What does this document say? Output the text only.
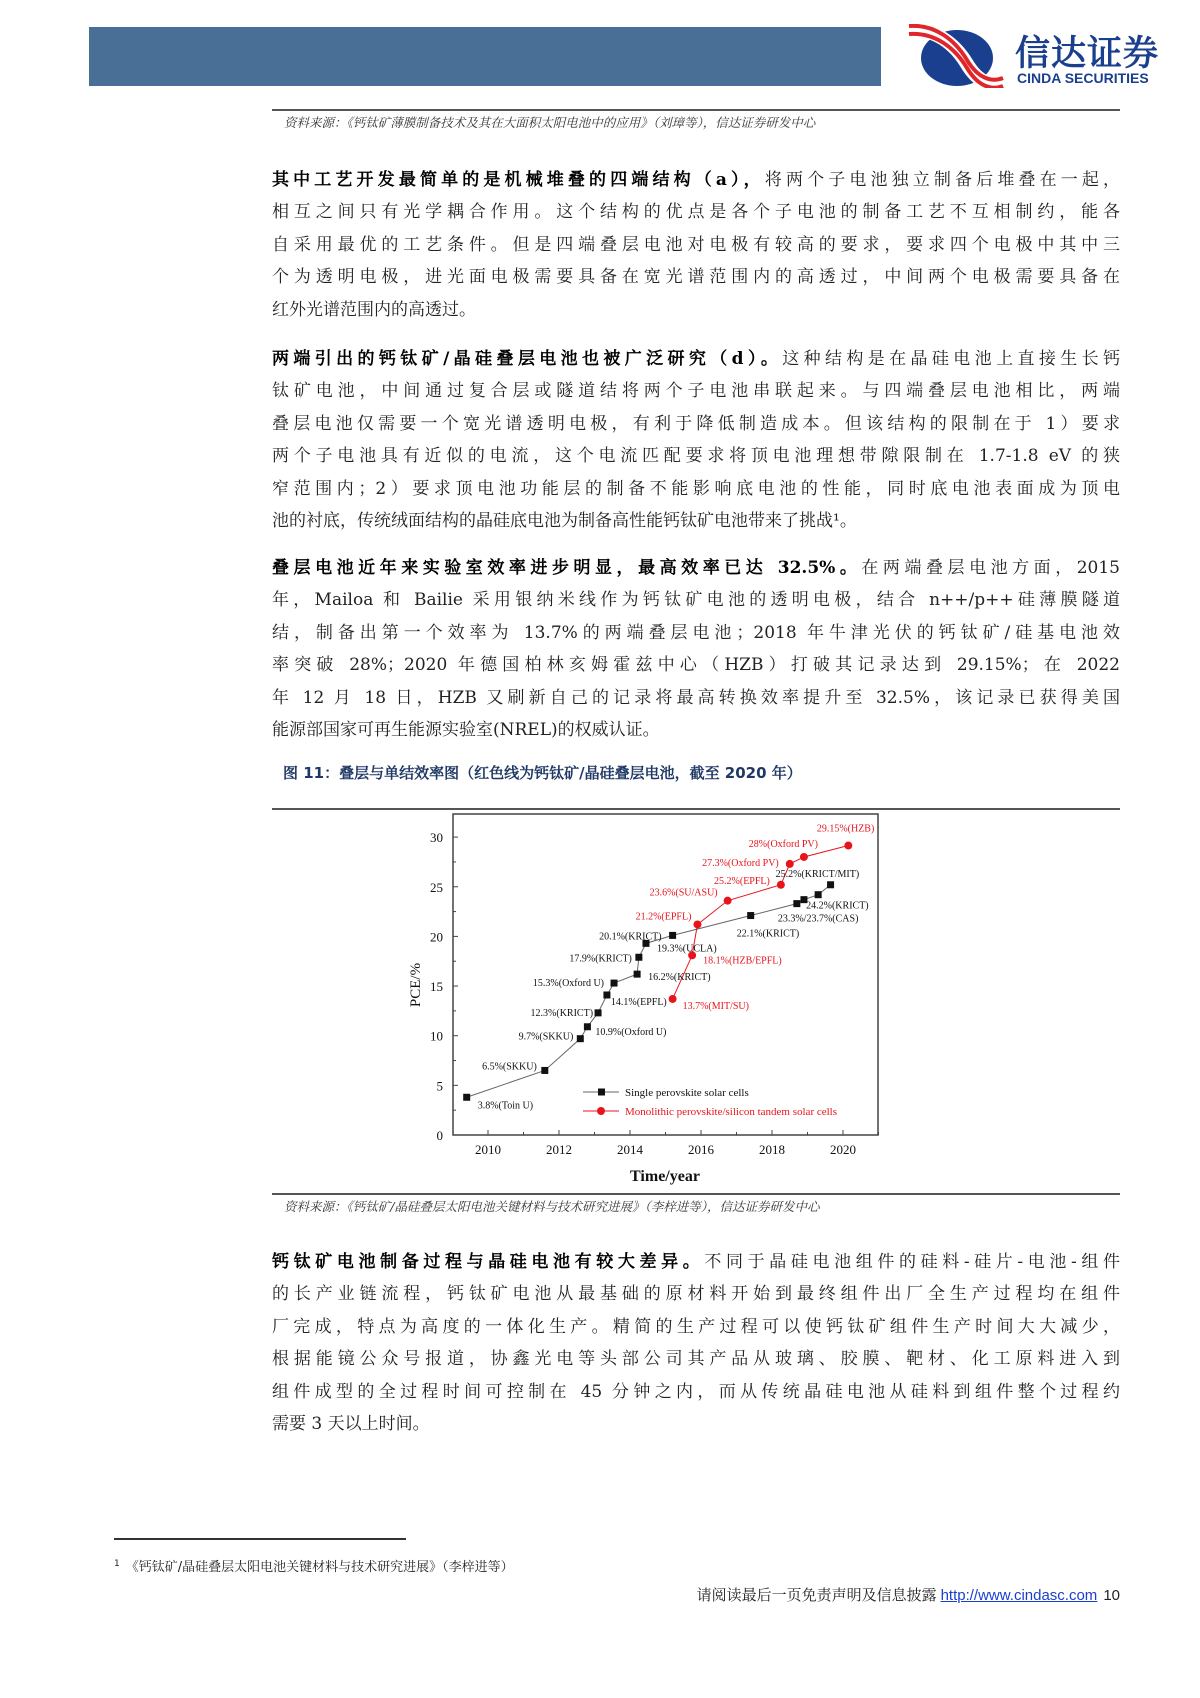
信达证券
CINDA SECURITIES
资料来源：《钙钛矿薄膜制备技术及其在大面积太阳电池中的应用》（刘璋等），信达证券研发中心
其中工艺开发最简单的是机械堆叠的四端结构（a），将两个子电池独立制备后堆叠在一起，
相互之间只有光学耦合作用。这个结构的优点是各个子电池的制备工艺不互相制约，能各
自采用最优的工艺条件。但是四端叠层电池对电极有较高的要求，要求四个电极中其中三
个为透明电极，进光面电极需要具备在宽光谱范围内的高透过，中间两个电极需要具备在
红外光谱范围内的高透过。
两端引出的钙钛矿/晶硅叠层电池也被广泛研究（d）。这种结构是在晶硅电池上直接生长钙
钛矿电池，中间通过复合层或隧道结将两个子电池串联起来。与四端叠层电池相比，两端
叠层电池仅需要一个宽光谱透明电极，有利于降低制造成本。但该结构的限制在于 1）要求
两个子电池具有近似的电流，这个电流匹配要求将顶电池理想带隙限制在 1.7-1.8 eV 的狭
窄范围内；2）要求顶电池功能层的制备不能影响底电池的性能，同时底电池表面成为顶电
池的衬底，传统绒面结构的晶硅底电池为制备高性能钙钛矿电池带来了挑战¹。
叠层电池近年来实验室效率进步明显，最高效率已达 32.5%。在两端叠层电池方面，2015
年，Mailoa 和 Bailie 采用银纳米线作为钙钛矿电池的透明电极，结合 n++/p++硅薄膜隧道
结，制备出第一个效率为 13.7%的两端叠层电池；2018 年牛津光伏的钙钛矿/硅基电池效
率突破 28%；2020 年德国柏林亥姆霍兹中心（HZB）打破其记录达到 29.15%；在 2022
年 12 月 18 日，HZB 又刷新自己的记录将最高转换效率提升至 32.5%，该记录已获得美国
能源部国家可再生能源实验室(NREL)的权威认证。
图 11：叠层与单结效率图（红色线为钙钛矿/晶硅叠层电池，截至 2020 年）
0
5
10
15
20
25
30
2010	2012	2014	2016	2018	2020
3.8%(Toin U)
6.5%(SKKU)
9.7%(SKKU) 10.9%(Oxford U)
12.3%(KRICT)
14.1%(EPFL)
15.3%(Oxford U)
16.2%(KRICT)
17.9%(KRICT)
19.3%(UCLA)
20.1%(KRICT)	22.1%(KRICT)
23.3%/23.7%(CAS)
24.2%(KRICT)
25.2%(KRICT/MIT)
13.7%(MIT/SU)
18.1%(HZB/EPFL)
21.2%(EPFL)
23.6%(SU/ASU)
25.2%(EPFL)
27.3%(Oxford PV)
28%(Oxford PV)
29.15%(HZB)
Single perovskite solar cells
Monolithic perovskite/silicon tandem solar cells
Time/year
PCE/%
资料来源：《钙钛矿/晶硅叠层太阳电池关键材料与技术研究进展》（李梓进等），信达证券研发中心
钙钛矿电池制备过程与晶硅电池有较大差异。不同于晶硅电池组件的硅料-硅片-电池-组件
的长产业链流程，钙钛矿电池从最基础的原材料开始到最终组件出厂全生产过程均在组件
厂完成，特点为高度的一体化生产。精简的生产过程可以使钙钛矿组件生产时间大大减少，
根据能镜公众号报道，协鑫光电等头部公司其产品从玻璃、胶膜、靶材、化工原料进入到
组件成型的全过程时间可控制在 45 分钟之内，而从传统晶硅电池从硅料到组件整个过程约
需要 3 天以上时间。
$^1$ 《钙钛矿/晶硅叠层太阳电池关键材料与技术研究进展》（李梓进等）
请阅读最后一页免责声明及信息披露 http://www.cindasc.com 10
